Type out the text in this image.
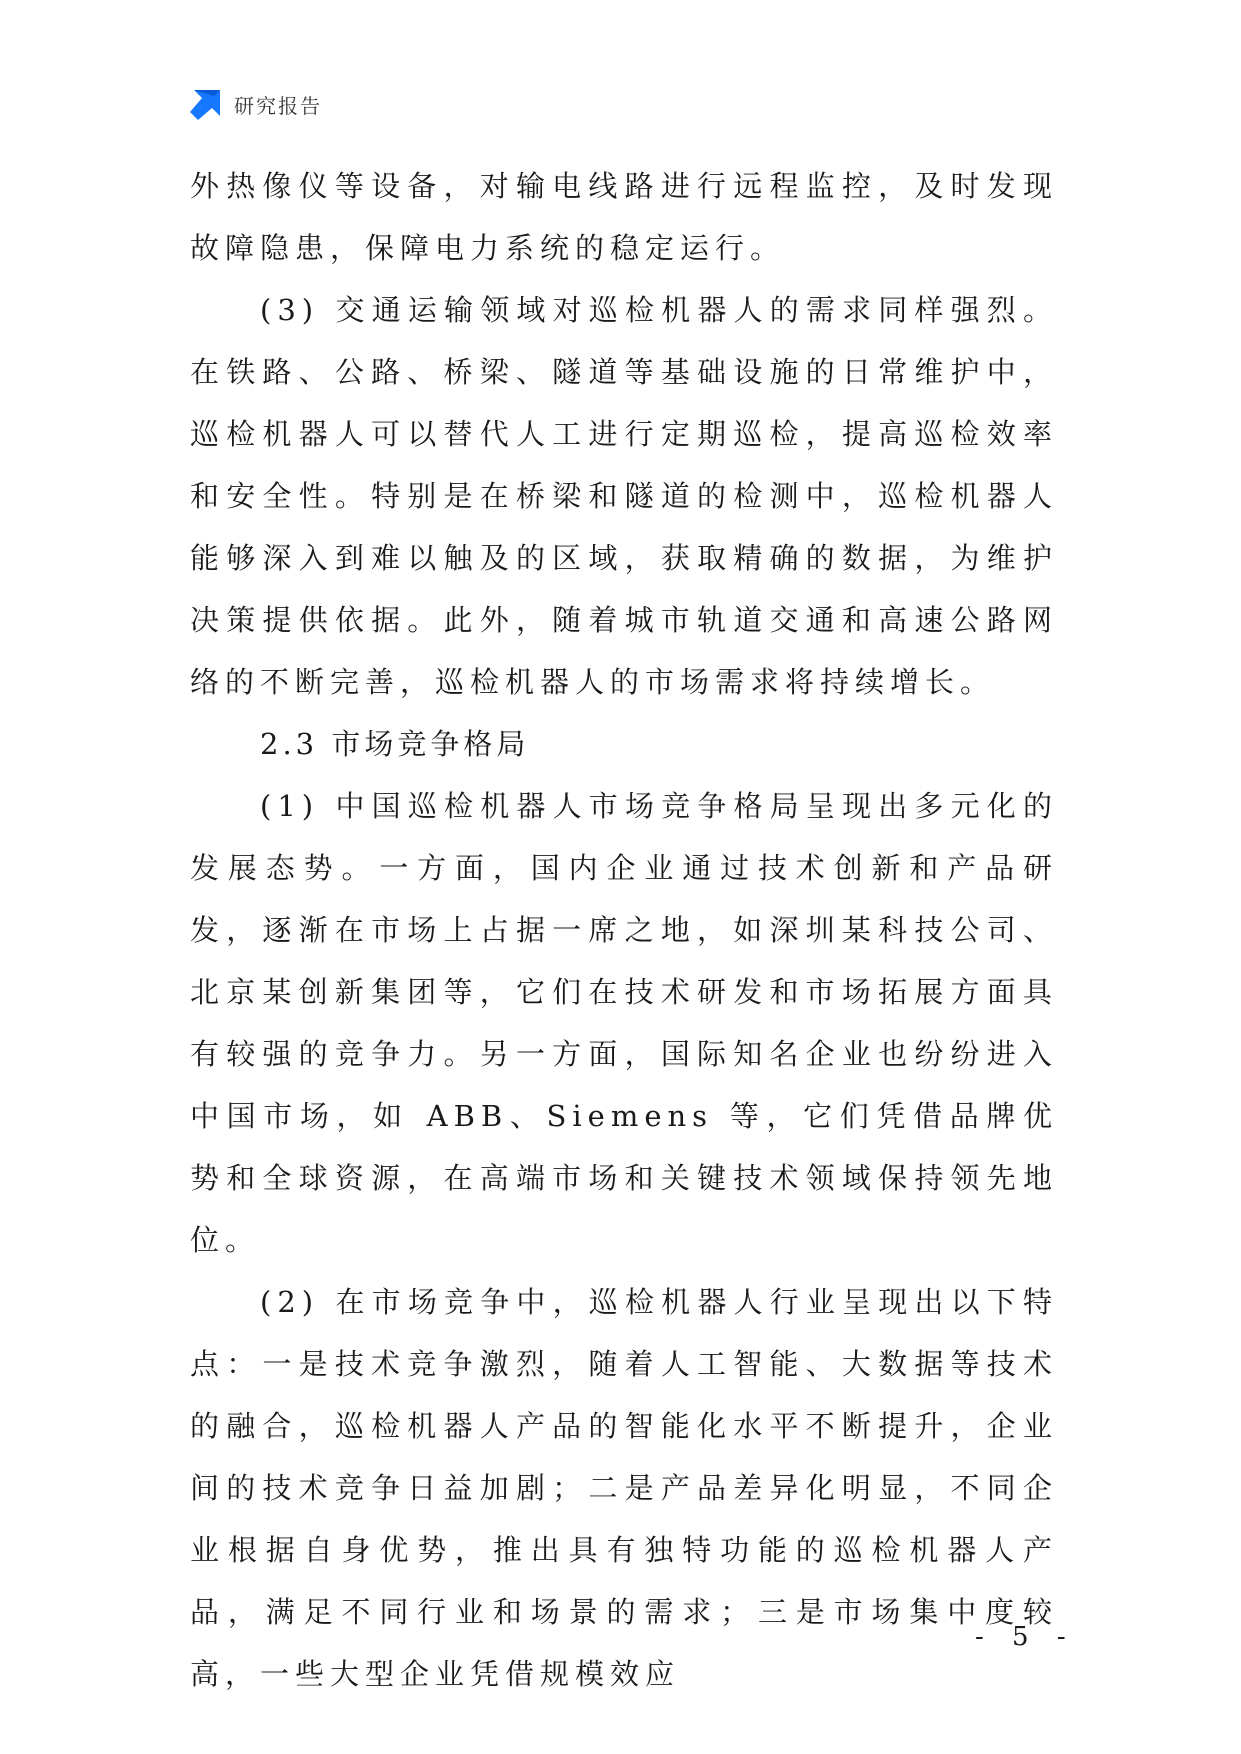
研究报告

外热像仪等设备，对输电线路进行远程监控，及时发现故障隐患，保障电力系统的稳定运行。

(3) 交通运输领域对巡检机器人的需求同样强烈。在铁路、公路、桥梁、隧道等基础设施的日常维护中，巡检机器人可以替代人工进行定期巡检，提高巡检效率和安全性。特别是在桥梁和隧道的检测中，巡检机器人能够深入到难以触及的区域，获取精确的数据，为维护决策提供依据。此外，随着城市轨道交通和高速公路网络的不断完善，巡检机器人的市场需求将持续增长。

2.3 市场竞争格局

(1) 中国巡检机器人市场竞争格局呈现出多元化的发展态势。一方面，国内企业通过技术创新和产品研发，逐渐在市场上占据一席之地，如深圳某科技公司、北京某创新集团等，它们在技术研发和市场拓展方面具有较强的竞争力。另一方面，国际知名企业也纷纷进入中国市场，如 ABB、Siemens 等，它们凭借品牌优势和全球资源，在高端市场和关键技术领域保持领先地位。

(2) 在市场竞争中，巡检机器人行业呈现出以下特点：一是技术竞争激烈，随着人工智能、大数据等技术的融合，巡检机器人产品的智能化水平不断提升，企业间的技术竞争日益加剧；二是产品差异化明显，不同企业根据自身优势，推出具有独特功能的巡检机器人产品，满足不同行业和场景的需求；三是市场集中度较高，一些大型企业凭借规模效应

- 5 -
